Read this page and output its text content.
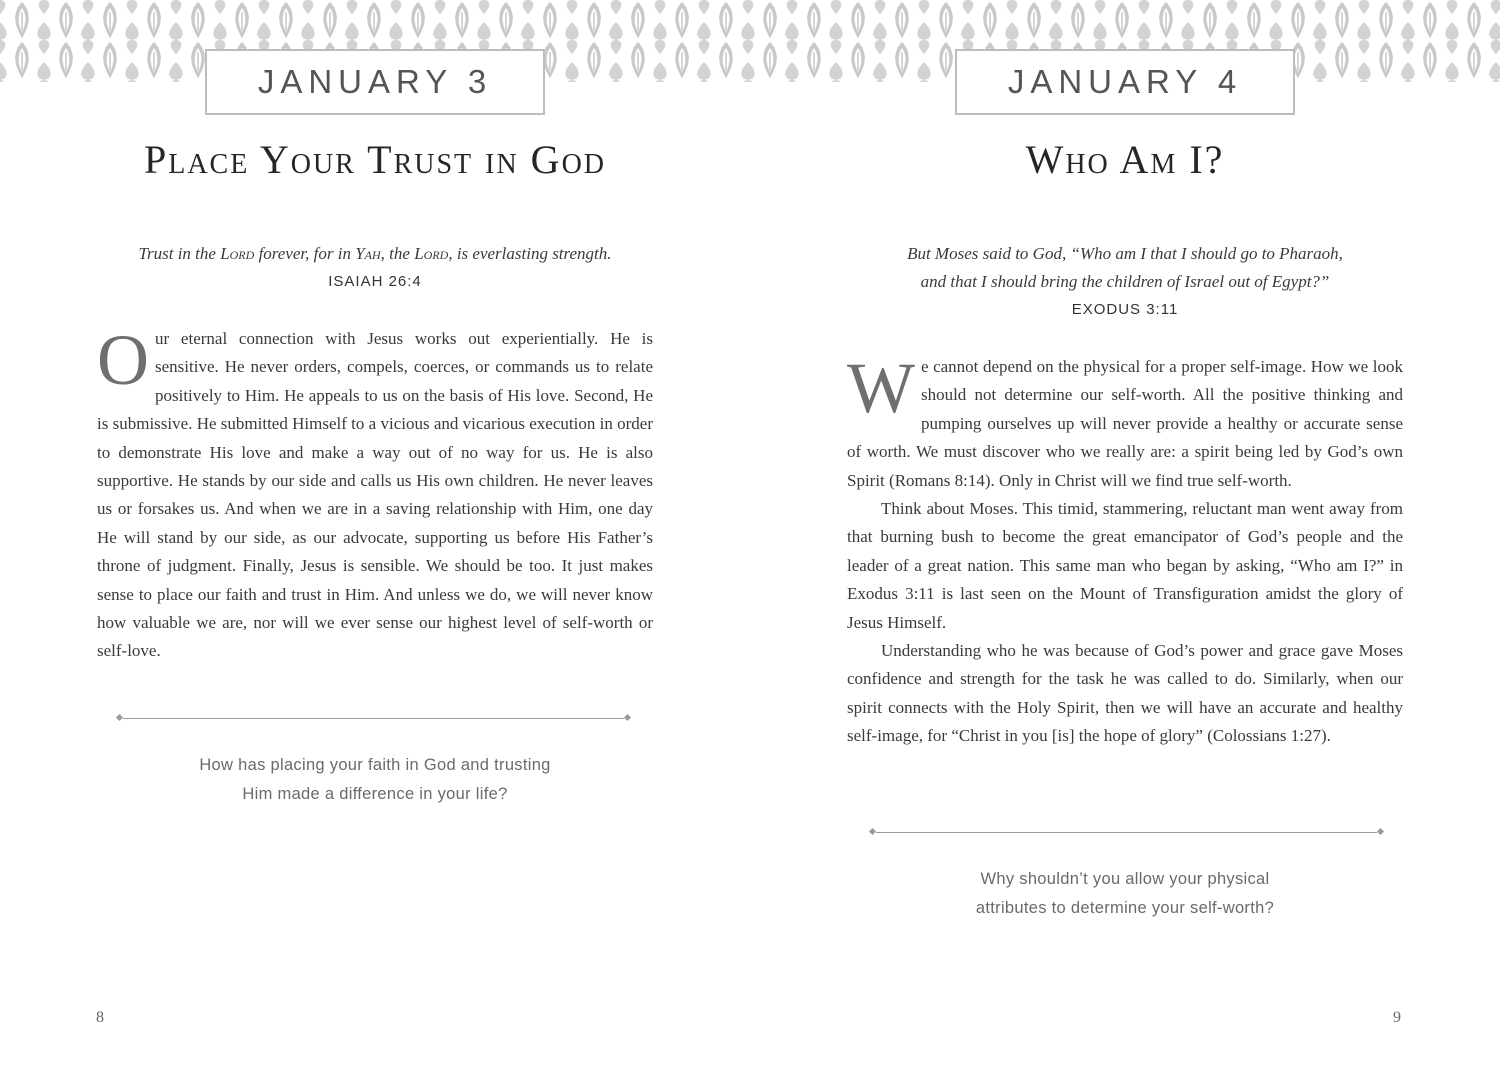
JANUARY 3
Place Your Trust in God
Trust in the Lord forever, for in Yah, the Lord, is everlasting strength.
ISAIAH 26:4

Our eternal connection with Jesus works out experientially. He is sensitive. He never orders, compels, coerces, or commands us to relate positively to Him. He appeals to us on the basis of His love. Second, He is submissive. He submitted Himself to a vicious and vicarious execution in order to demonstrate His love and make a way out of no way for us. He is also supportive. He stands by our side and calls us His own children. He never leaves us or forsakes us. And when we are in a saving relationship with Him, one day He will stand by our side, as our advocate, supporting us before His Father’s throne of judgment. Finally, Jesus is sensible. We should be too. It just makes sense to place our faith and trust in Him. And unless we do, we will never know how valuable we are, nor will we ever sense our highest level of self-worth or self-love.

How has placing your faith in God and trusting
Him made a difference in your life?
8
JANUARY 4
Who Am I?
But Moses said to God, “Who am I that I should go to Pharaoh,
and that I should bring the children of Israel out of Egypt?”
EXODUS 3:11

We cannot depend on the physical for a proper self-image. How we look should not determine our self-worth. All the positive thinking and pumping ourselves up will never provide a healthy or accurate sense of worth. We must discover who we really are: a spirit being led by God’s own Spirit (Romans 8:14). Only in Christ will we find true self-worth.

Think about Moses. This timid, stammering, reluctant man went away from that burning bush to become the great emancipator of God’s people and the leader of a great nation. This same man who began by asking, “Who am I?” in Exodus 3:11 is last seen on the Mount of Transfiguration amidst the glory of Jesus Himself.

Understanding who he was because of God’s power and grace gave Moses confidence and strength for the task he was called to do. Similarly, when our spirit connects with the Holy Spirit, then we will have an accurate and healthy self-image, for “Christ in you [is] the hope of glory” (Colossians 1:27).

Why shouldn’t you allow your physical
attributes to determine your self-worth?
9
